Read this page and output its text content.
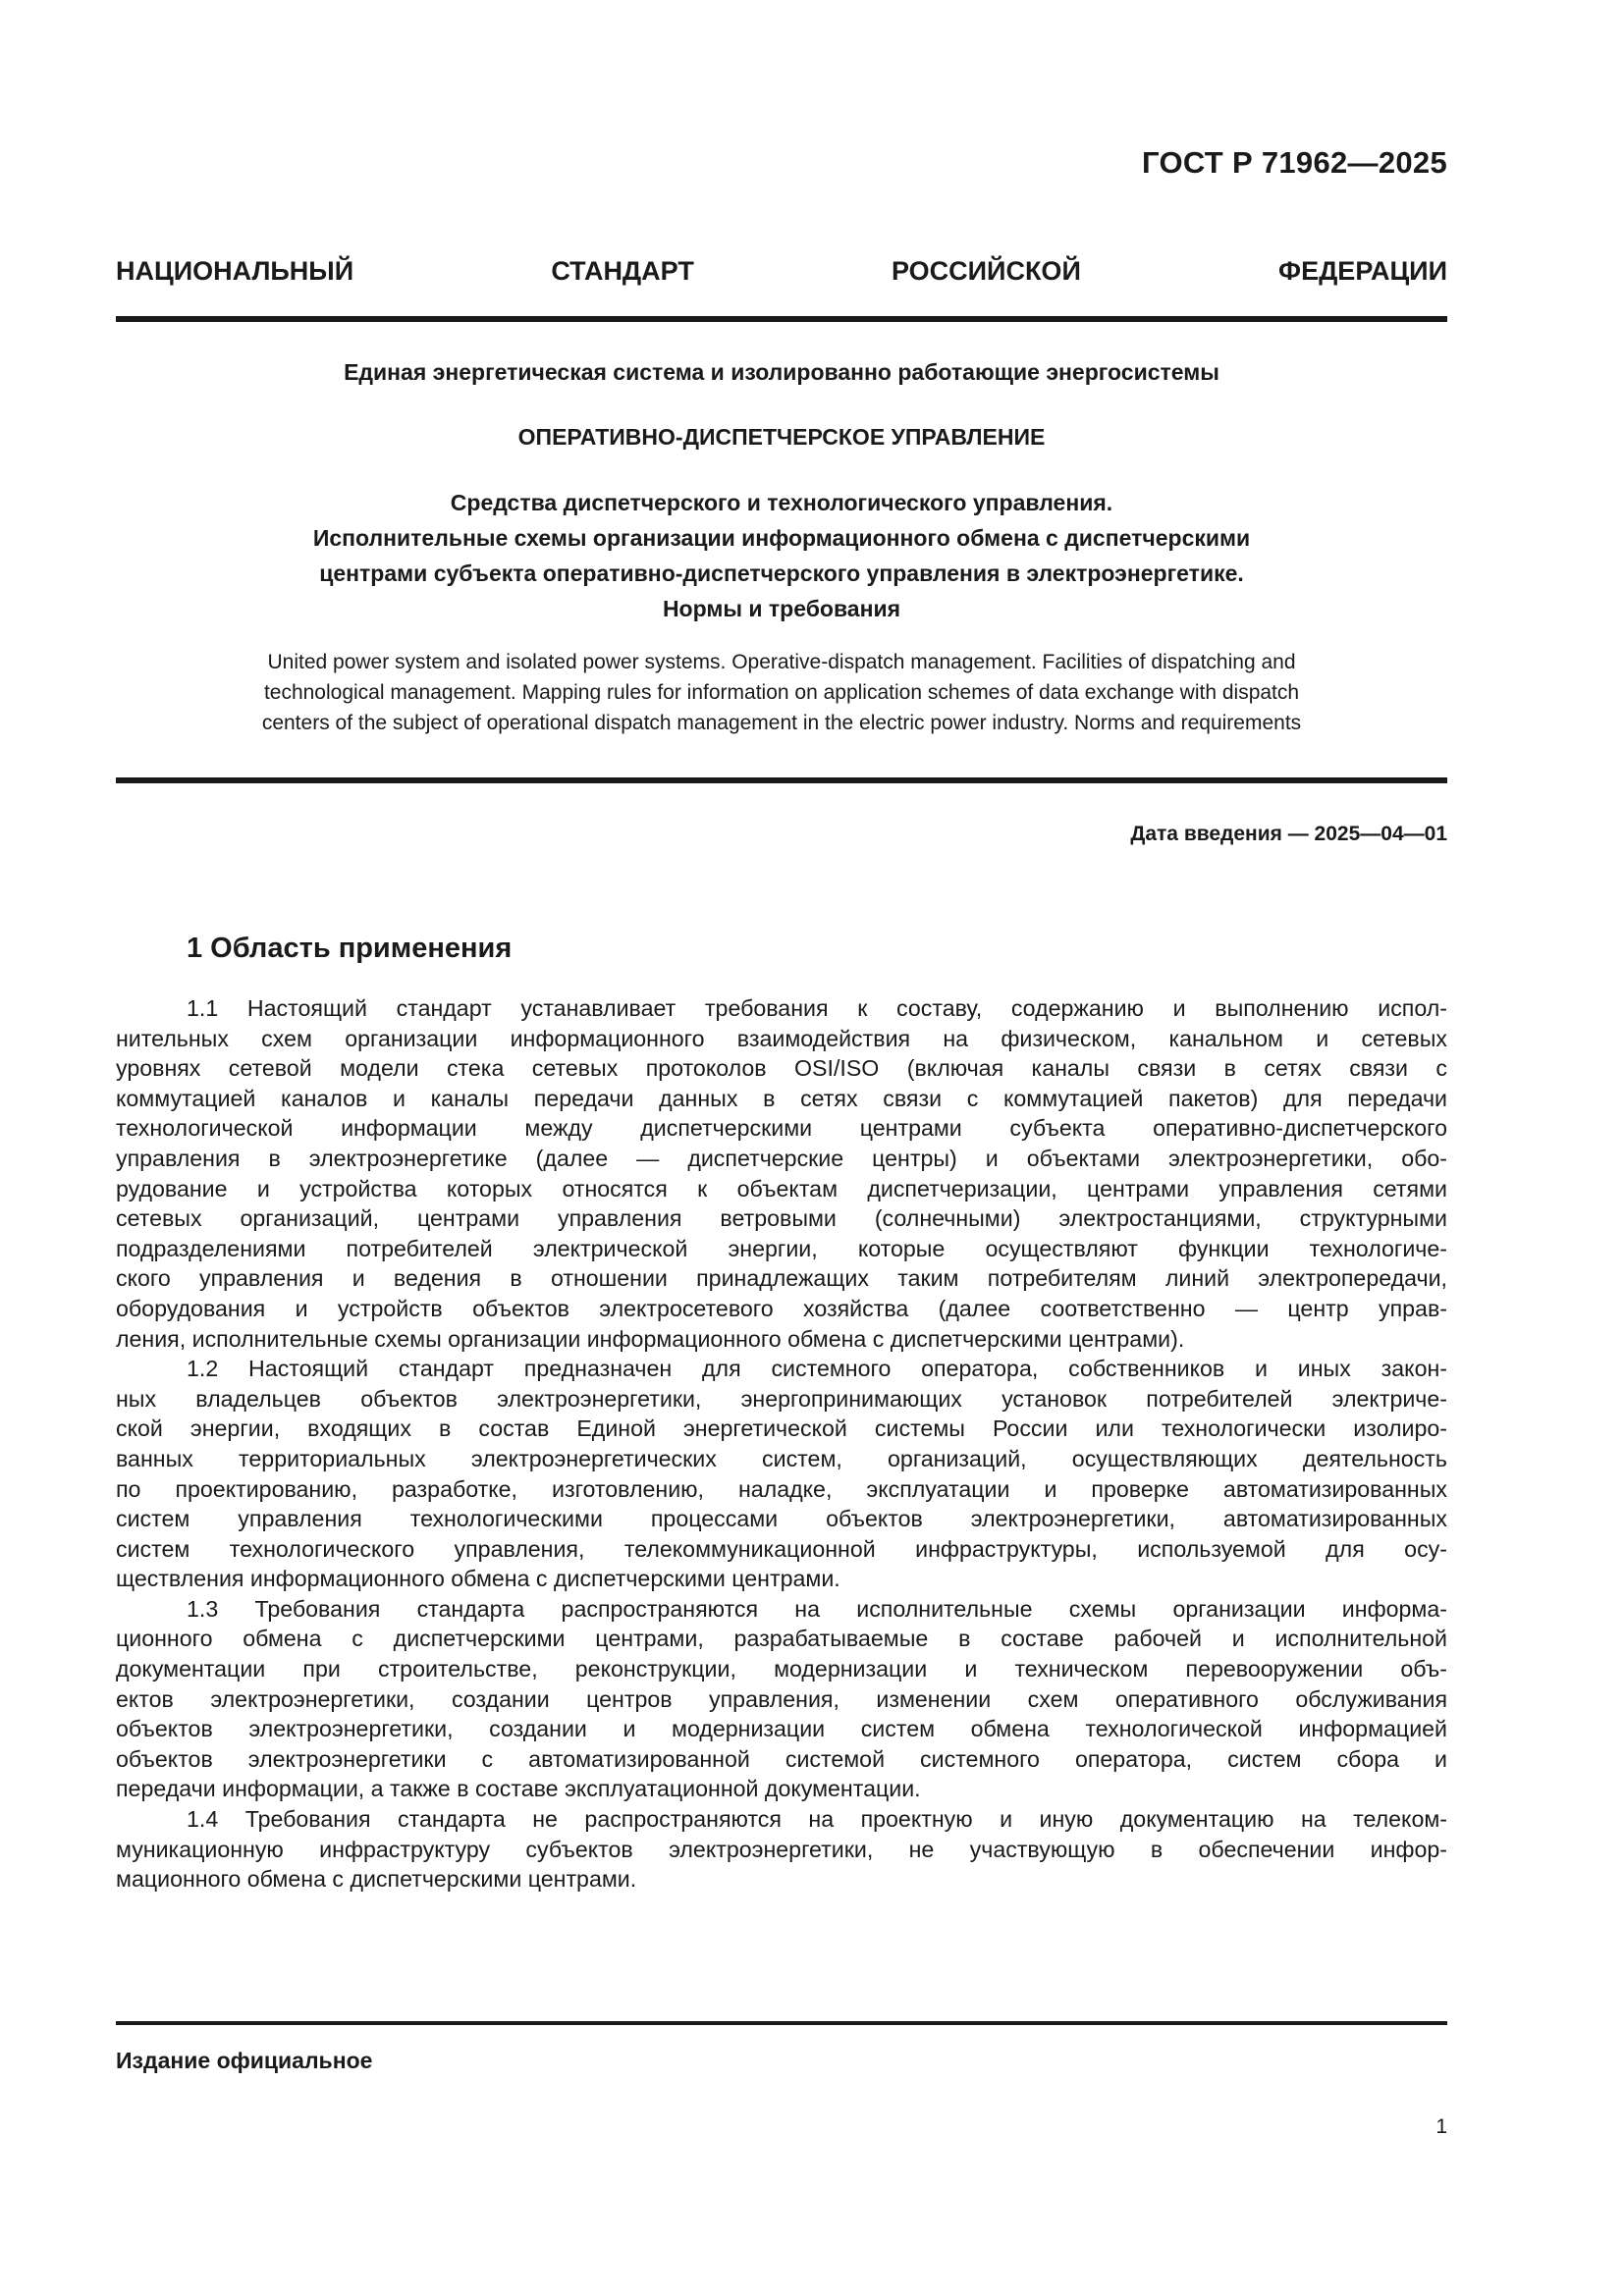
ГОСТ Р 71962—2025
НАЦИОНАЛЬНЫЙ СТАНДАРТ РОССИЙСКОЙ ФЕДЕРАЦИИ
Единая энергетическая система и изолированно работающие энергосистемы
ОПЕРАТИВНО-ДИСПЕТЧЕРСКОЕ УПРАВЛЕНИЕ
Средства диспетчерского и технологического управления.
Исполнительные схемы организации информационного обмена с диспетчерскими
центрами субъекта оперативно-диспетчерского управления в электроэнергетике.
Нормы и требования
United power system and isolated power systems. Operative-dispatch management. Facilities of dispatching and
technological management. Mapping rules for information on application schemes of data exchange with dispatch
centers of the subject of operational dispatch management in the electric power industry. Norms and requirements
Дата введения — 2025—04—01
1 Область применения
1.1 Настоящий стандарт устанавливает требования к составу, содержанию и выполнению испол-
нительных схем организации информационного взаимодействия на физическом, канальном и сетевых
уровнях сетевой модели стека сетевых протоколов OSI/ISO (включая каналы связи в сетях связи с
коммутацией каналов и каналы передачи данных в сетях связи с коммутацией пакетов) для передачи
технологической информации между диспетчерскими центрами субъекта оперативно-диспетчерского
управления в электроэнергетике (далее — диспетчерские центры) и объектами электроэнергетики, обо-
рудование и устройства которых относятся к объектам диспетчеризации, центрами управления сетями
сетевых организаций, центрами управления ветровыми (солнечными) электростанциями, структурными
подразделениями потребителей электрической энергии, которые осуществляют функции технологиче-
ского управления и ведения в отношении принадлежащих таким потребителям линий электропередачи,
оборудования и устройств объектов электросетевого хозяйства (далее соответственно — центр управ-
ления, исполнительные схемы организации информационного обмена с диспетчерскими центрами).
1.2 Настоящий стандарт предназначен для системного оператора, собственников и иных закон-
ных владельцев объектов электроэнергетики, энергопринимающих установок потребителей электриче-
ской энергии, входящих в состав Единой энергетической системы России или технологически изолиро-
ванных территориальных электроэнергетических систем, организаций, осуществляющих деятельность
по проектированию, разработке, изготовлению, наладке, эксплуатации и проверке автоматизированных
систем управления технологическими процессами объектов электроэнергетики, автоматизированных
систем технологического управления, телекоммуникационной инфраструктуры, используемой для осу-
ществления информационного обмена с диспетчерскими центрами.
1.3 Требования стандарта распространяются на исполнительные схемы организации информа-
ционного обмена с диспетчерскими центрами, разрабатываемые в составе рабочей и исполнительной
документации при строительстве, реконструкции, модернизации и техническом перевооружении объ-
ектов электроэнергетики, создании центров управления, изменении схем оперативного обслуживания
объектов электроэнергетики, создании и модернизации систем обмена технологической информацией
объектов электроэнергетики с автоматизированной системой системного оператора, систем сбора и
передачи информации, а также в составе эксплуатационной документации.
1.4 Требования стандарта не распространяются на проектную и иную документацию на телеком-
муникационную инфраструктуру субъектов электроэнергетики, не участвующую в обеспечении инфор-
мационного обмена с диспетчерскими центрами.
Издание официальное
1
